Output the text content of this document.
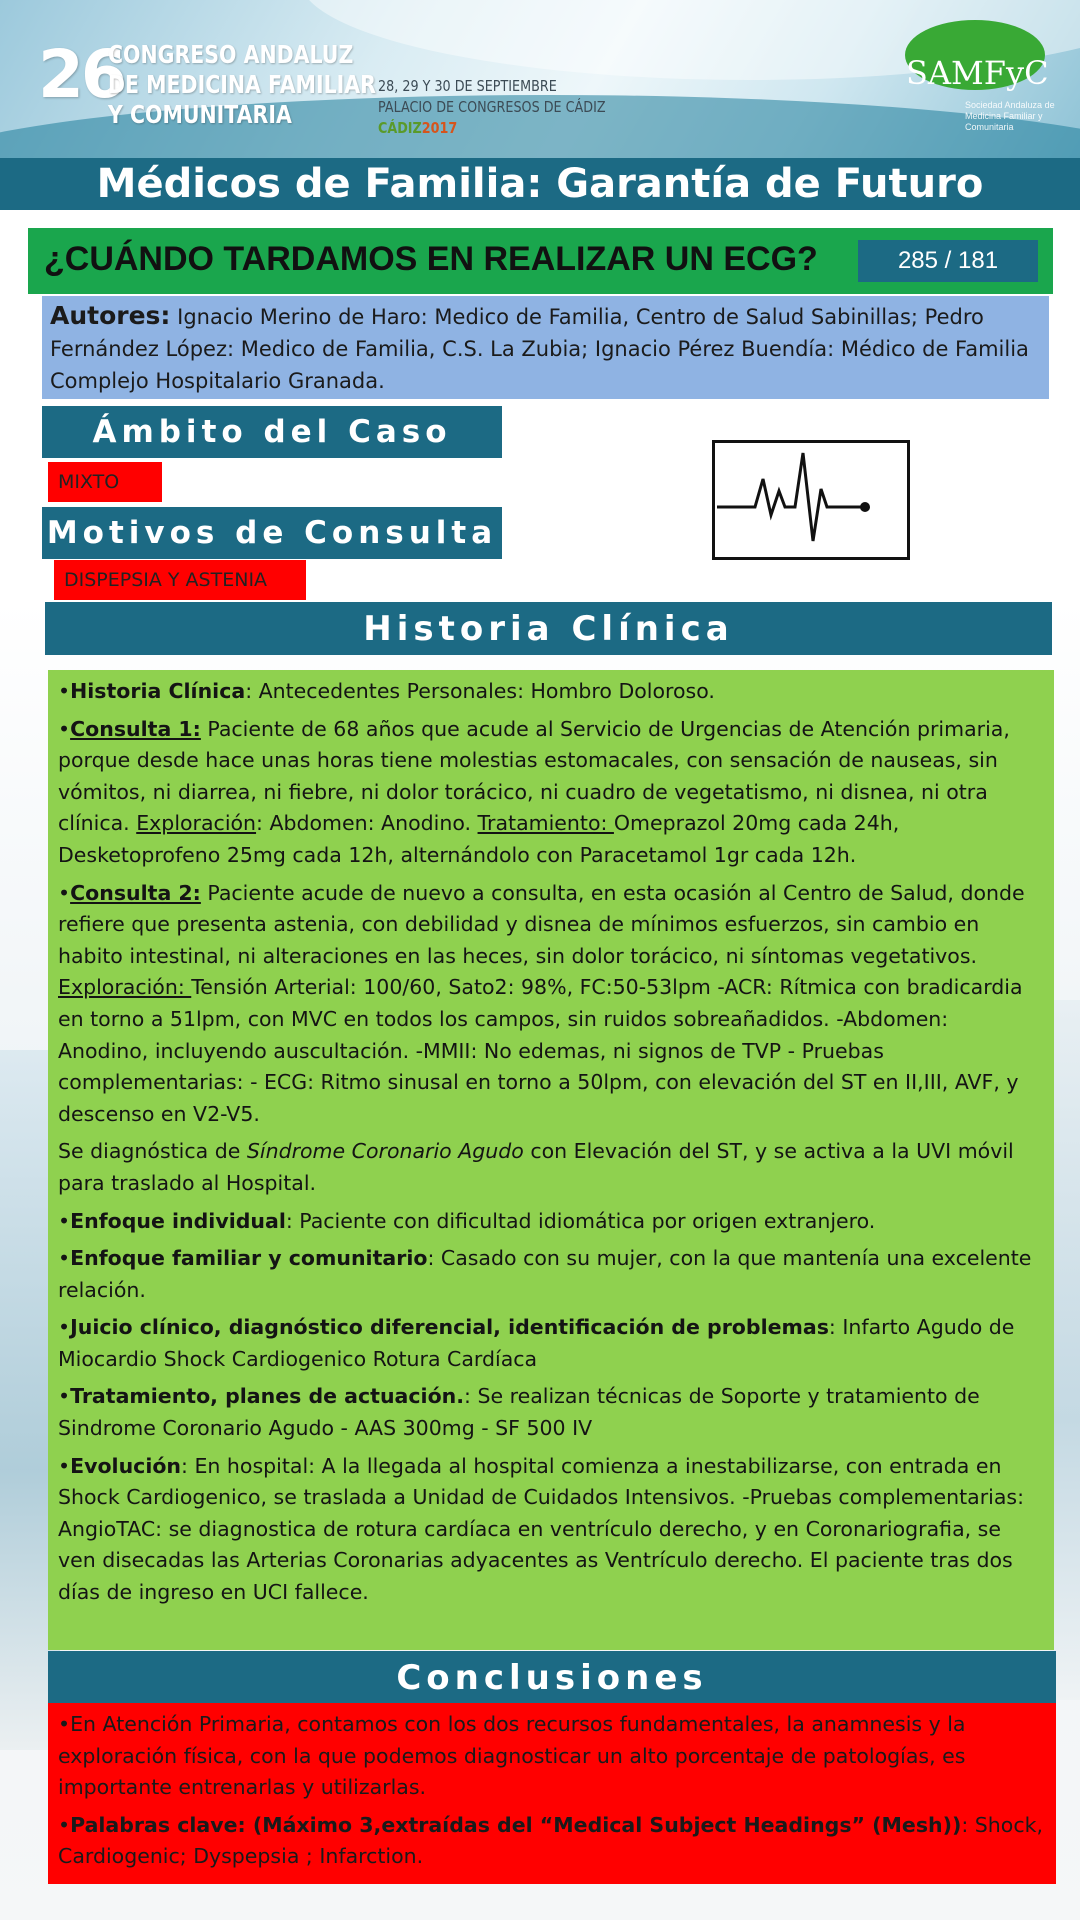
26
CONGRESO ANDALUZ
DE MEDICINA FAMILIAR
Y COMUNITARIA
28, 29 Y 30 DE SEPTIEMBRE
PALACIO DE CONGRESOS DE CÁDIZ
CÁDIZ2017
SAMFyC
Sociedad Andaluza de Medicina Familiar y Comunitaria
Médicos de Familia: Garantía de Futuro
¿CUÁNDO TARDAMOS EN REALIZAR UN ECG?	285 / 181
Autores: Ignacio Merino de Haro: Medico de Familia, Centro de Salud Sabinillas; Pedro Fernández López: Medico de Familia, C.S. La Zubia; Ignacio Pérez Buendía: Médico de Familia Complejo Hospitalario Granada.
Ámbito del Caso
MIXTO
Motivos de Consulta
DISPEPSIA Y ASTENIA
Historia Clínica

•Historia Clínica: Antecedentes Personales: Hombro Doloroso.

•Consulta 1: Paciente de 68 años que acude al Servicio de Urgencias de Atención primaria, porque desde hace unas horas tiene molestias estomacales, con sensación de nauseas, sin vómitos, ni diarrea, ni fiebre, ni dolor torácico, ni cuadro de vegetatismo, ni disnea, ni otra clínica. Exploración: Abdomen: Anodino. Tratamiento: Omeprazol 20mg cada 24h, Desketoprofeno 25mg cada 12h, alternándolo con Paracetamol 1gr cada 12h.

•Consulta 2: Paciente acude de nuevo a consulta, en esta ocasión al Centro de Salud, donde refiere que presenta astenia, con debilidad y disnea de mínimos esfuerzos, sin cambio en habito intestinal, ni alteraciones en las heces, sin dolor torácico, ni síntomas vegetativos. Exploración: Tensión Arterial: 100/60, Sato2: 98%, FC:50-53lpm -ACR: Rítmica con bradicardia en torno a 51lpm, con MVC en todos los campos, sin ruidos sobreañadidos. -Abdomen: Anodino, incluyendo auscultación. -MMII: No edemas, ni signos de TVP - Pruebas complementarias: - ECG: Ritmo sinusal en torno a 50lpm, con elevación del ST en II,III, AVF, y descenso en V2-V5.

Se diagnóstica de Síndrome Coronario Agudo con Elevación del ST, y se activa a la UVI móvil para traslado al Hospital.

•Enfoque individual: Paciente con dificultad idiomática por origen extranjero.

•Enfoque familiar y comunitario: Casado con su mujer, con la que mantenía una excelente relación.

•Juicio clínico, diagnóstico diferencial, identificación de problemas: Infarto Agudo de Miocardio Shock Cardiogenico Rotura Cardíaca

•Tratamiento, planes de actuación.: Se realizan técnicas de Soporte y tratamiento de Sindrome Coronario Agudo - AAS 300mg - SF 500 IV

•Evolución: En hospital: A la llegada al hospital comienza a inestabilizarse, con entrada en Shock Cardiogenico, se traslada a Unidad de Cuidados Intensivos. -Pruebas complementarias: AngioTAC: se diagnostica de rotura cardíaca en ventrículo derecho, y en Coronariografia, se ven disecadas las Arterias Coronarias adyacentes as Ventrículo derecho. El paciente tras dos días de ingreso en UCI fallece.

Conclusiones

•En Atención Primaria, contamos con los dos recursos fundamentales, la anamnesis y la exploración física, con la que podemos diagnosticar un alto porcentaje de patologías, es importante entrenarlas y utilizarlas.

•Palabras clave: (Máximo 3,extraídas del “Medical Subject Headings” (Mesh)): Shock, Cardiogenic; Dyspepsia ; Infarction.
